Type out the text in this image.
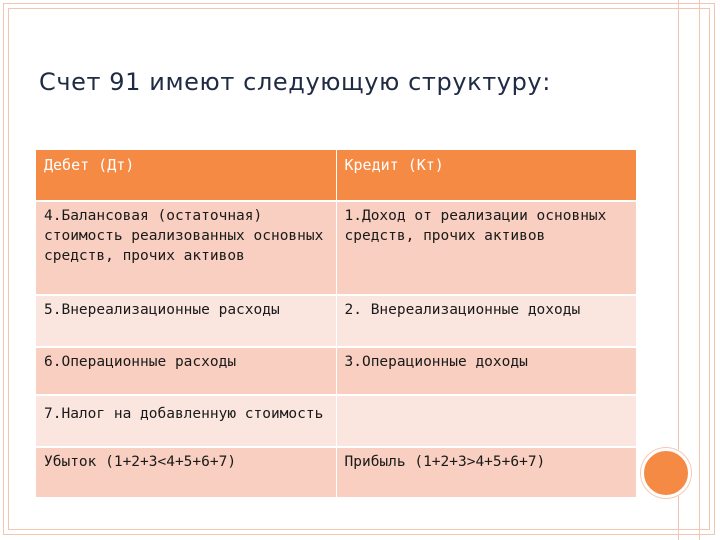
Счет 91 имеют следующую структуру:
Дебет (Дт)	Кредит (Кт)
4.Балансовая (остаточная) стоимость реализованных основных средств, прочих активов	1.Доход от реализации основных средств, прочих активов
5.Внереализационные расходы	2. Внереализационные доходы
6.Операционные расходы	3.Операционные доходы
7.Налог на добавленную стоимость	
Убыток (1+2+3<4+5+6+7)	Прибыль (1+2+3>4+5+6+7)
